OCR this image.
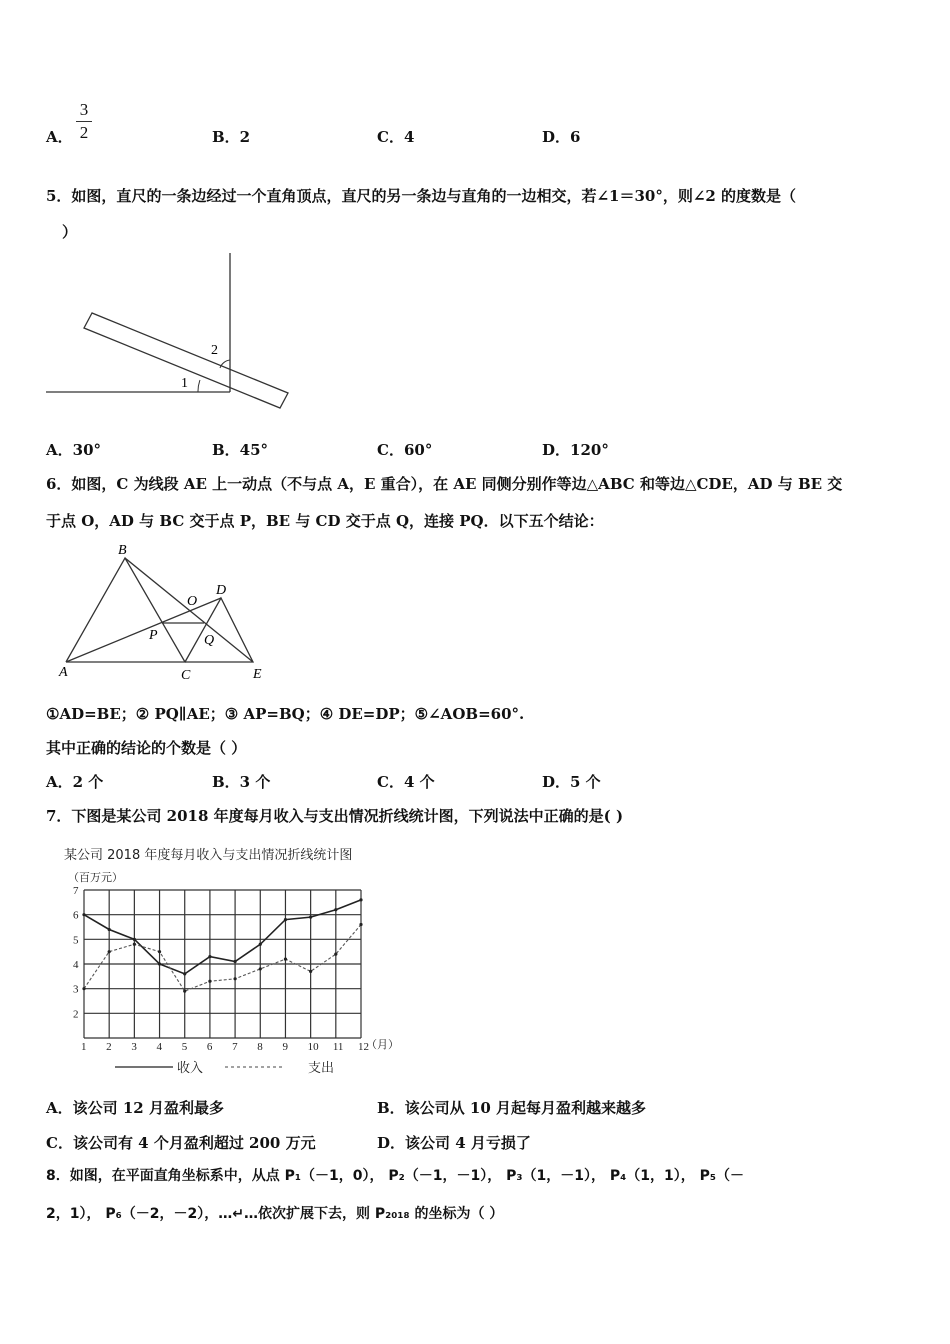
3
2
A．	B．2	C．4	D．6
5．如图，直尺的一条边经过一个直角顶点，直尺的另一条边与直角的一边相交，若∠1＝30°，则∠2 的度数是（
）
1
2
A．30°	B．45°	C．60°	D．120°
6．如图，C 为线段 AE 上一动点（不与点 A，E 重合），在 AE 同侧分别作等边△ABC 和等边△CDE，AD 与 BE 交
于点 O，AD 与 BC 交于点 P，BE 与 CD 交于点 Q，连接 PQ．以下五个结论：
A
B
C
D
E
O
P	Q
①AD=BE；② PQ∥AE；③ AP=BQ；④ DE=DP；⑤∠AOB=60°.
其中正确的结论的个数是（ ）
A．2 个	B．3 个	C．4 个	D．5 个
7．下图是某公司 2018 年度每月收入与支出情况折线统计图，下列说法中正确的是( )
某公司 2018 年度每月收入与支出情况折线统计图
（百万元）
（月）
1 2 3 4 5 6 7 8 9 10 11 12
2
3
4
5
6
7
收入	支出
A．该公司 12 月盈利最多	B．该公司从 10 月起每月盈利越来越多
C．该公司有 4 个月盈利超过 200 万元	D．该公司 4 月亏损了
8．如图，在平面直角坐标系中，从点 P₁（－1，0）， P₂（－1，－1）， P₃（1，－1）， P₄（1，1）， P₅（－
2，1）， P₆（－2，－2），…↵…依次扩展下去，则 P₂₀₁₈ 的坐标为（ ）
